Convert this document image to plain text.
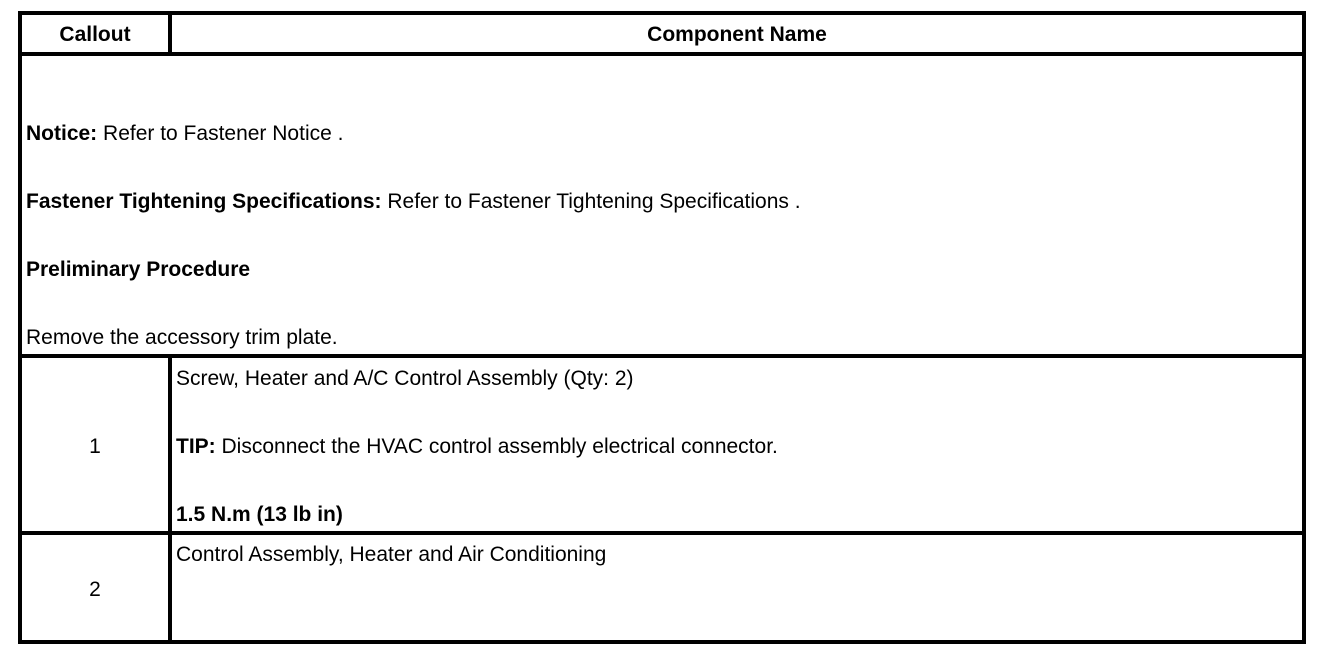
Callout	Component Name
Notice: Refer to Fastener Notice .
Fastener Tightening Specifications: Refer to Fastener Tightening Specifications .
Preliminary Procedure
Remove the accessory trim plate.
1
Screw, Heater and A/C Control Assembly (Qty: 2)
TIP: Disconnect the HVAC control assembly electrical connector.
1.5 N.m (13 lb in)
2
Control Assembly, Heater and Air Conditioning
